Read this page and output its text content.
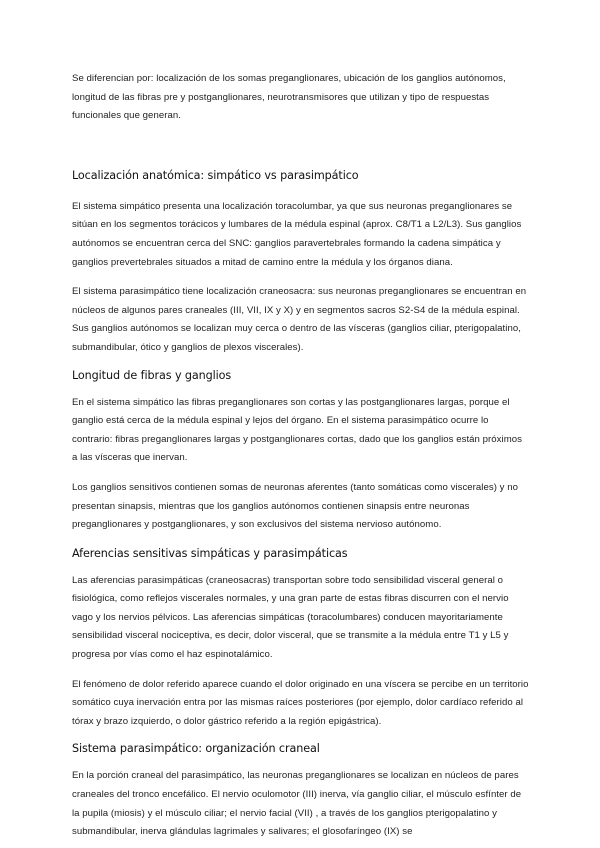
Se diferencian por: localización de los somas preganglionares, ubicación de los ganglios autónomos, longitud de las fibras pre y postganglionares, neurotransmisores que utilizan y tipo de respuestas funcionales que generan.

Localización anatómica: simpático vs parasimpático

El sistema simpático presenta una localización toracolumbar, ya que sus neuronas preganglionares se sitúan en los segmentos torácicos y lumbares de la médula espinal (aprox. C8/T1 a L2/L3). Sus ganglios autónomos se encuentran cerca del SNC: ganglios paravertebrales formando la cadena simpática y ganglios prevertebrales situados a mitad de camino entre la médula y los órganos diana.

El sistema parasimpático tiene localización craneosacra: sus neuronas preganglionares se encuentran en núcleos de algunos pares craneales (III, VII, IX y X) y en segmentos sacros S2-S4 de la médula espinal. Sus ganglios autónomos se localizan muy cerca o dentro de las vísceras (ganglios ciliar, pterigopalatino, submandibular, ótico y ganglios de plexos viscerales).

Longitud de fibras y ganglios

En el sistema simpático las fibras preganglionares son cortas y las postganglionares largas, porque el ganglio está cerca de la médula espinal y lejos del órgano. En el sistema parasimpático ocurre lo contrario: fibras preganglionares largas y postganglionares cortas, dado que los ganglios están próximos a las vísceras que inervan.

Los ganglios sensitivos contienen somas de neuronas aferentes (tanto somáticas como viscerales) y no presentan sinapsis, mientras que los ganglios autónomos contienen sinapsis entre neuronas preganglionares y postganglionares, y son exclusivos del sistema nervioso autónomo.

Aferencias sensitivas simpáticas y parasimpáticas

Las aferencias parasimpáticas (craneosacras) transportan sobre todo sensibilidad visceral general o fisiológica, como reflejos viscerales normales, y una gran parte de estas fibras discurren con el nervio vago y los nervios pélvicos. Las aferencias simpáticas (toracolumbares) conducen mayoritariamente sensibilidad visceral nociceptiva, es decir, dolor visceral, que se transmite a la médula entre T1 y L5 y progresa por vías como el haz espinotalámico.

El fenómeno de dolor referido aparece cuando el dolor originado en una víscera se percibe en un territorio somático cuya inervación entra por las mismas raíces posteriores (por ejemplo, dolor cardíaco referido al tórax y brazo izquierdo, o dolor gástrico referido a la región epigástrica).

Sistema parasimpático: organización craneal

En la porción craneal del parasimpático, las neuronas preganglionares se localizan en núcleos de pares craneales del tronco encefálico. El nervio oculomotor (III) inerva, vía ganglio ciliar, el músculo esfínter de la pupila (miosis) y el músculo ciliar; el nervio facial (VII) , a través de los ganglios pterigopalatino y submandibular, inerva glándulas lagrimales y salivares; el glosofaríngeo (IX) se
